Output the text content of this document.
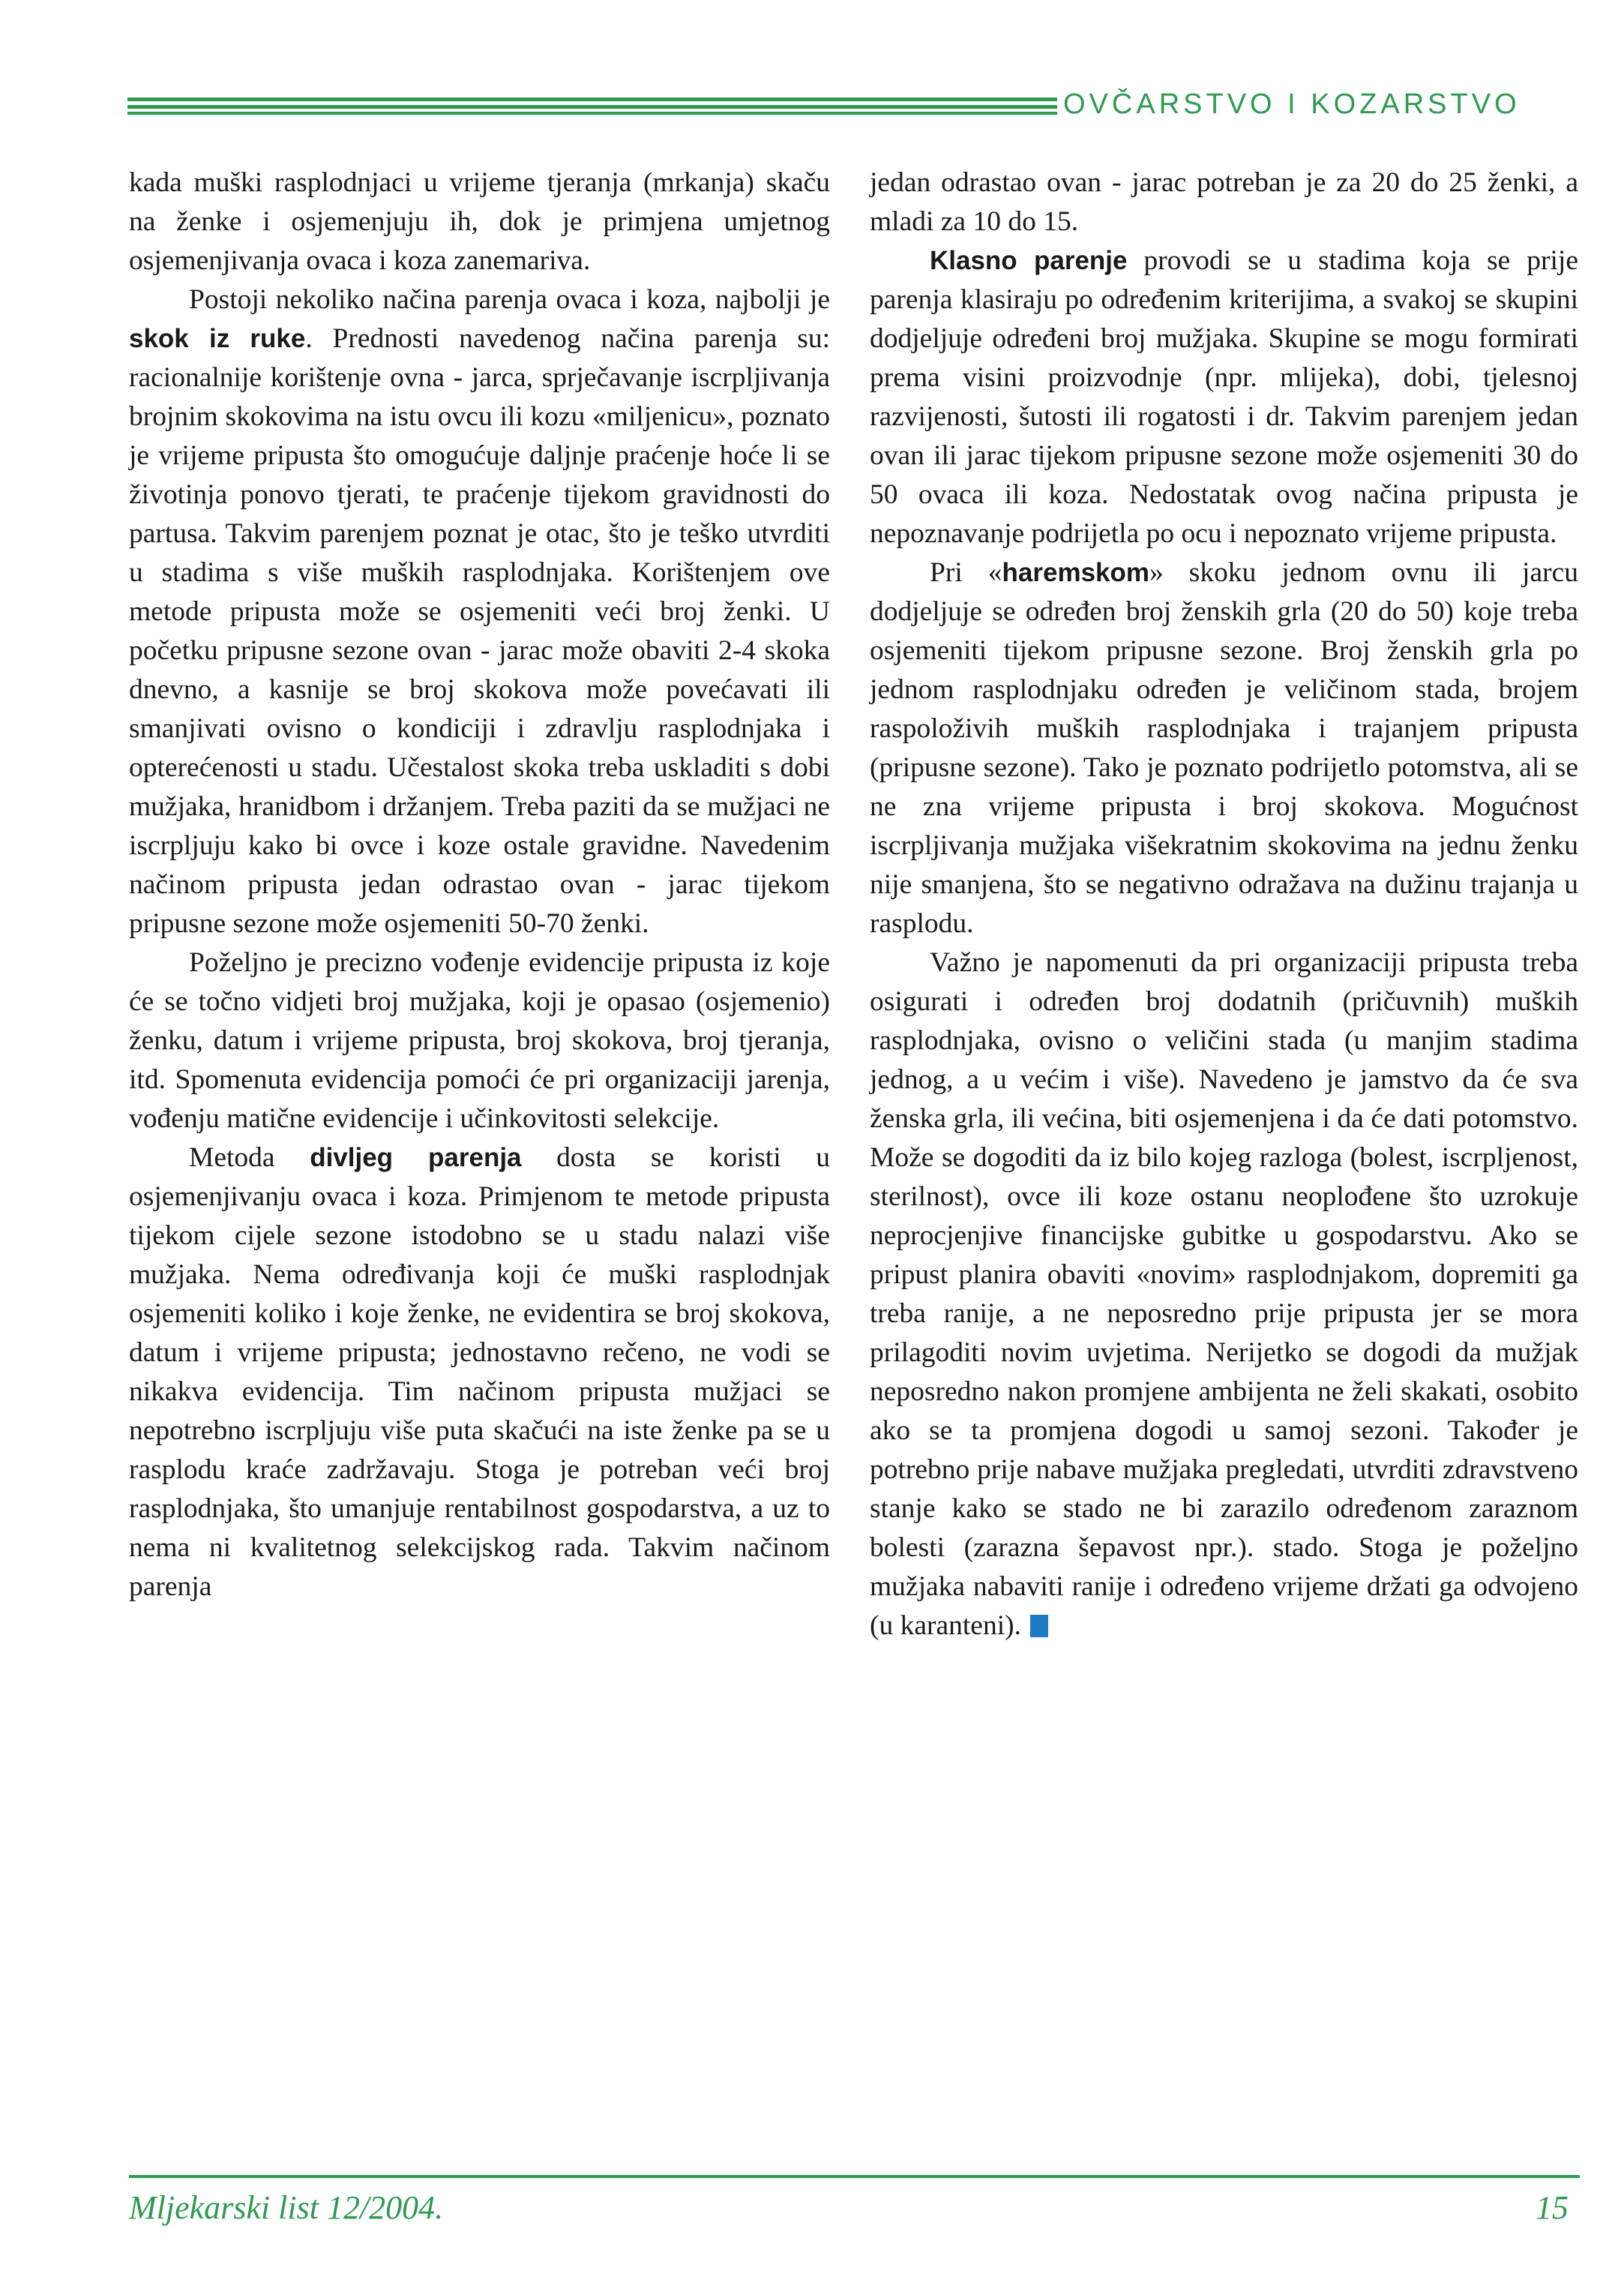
OVČARSTVO I KOZARSTVO

kada muški rasplodnjaci u vrijeme tjeranja (mrkanja) skaču na ženke i osjemenjuju ih, dok je primjena umjetnog osjemenjivanja ovaca i koza zanemariva.

Postoji nekoliko načina parenja ovaca i koza, najbolji je skok iz ruke. Prednosti navedenog načina parenja su: racionalnije korištenje ovna - jarca, sprječavanje iscrpljivanja brojnim skokovima na istu ovcu ili kozu «miljenicu», poznato je vrijeme pripusta što omogućuje daljnje praćenje hoće li se životinja ponovo tjerati, te praćenje tijekom gravidnosti do partusa. Takvim parenjem poznat je otac, što je teško utvrditi u stadima s više muških rasplodnjaka. Korištenjem ove metode pripusta može se osjemeniti veći broj ženki. U početku pripusne sezone ovan - jarac može obaviti 2-4 skoka dnevno, a kasnije se broj skokova može povećavati ili smanjivati ovisno o kondiciji i zdravlju rasplodnjaka i opterećenosti u stadu. Učestalost skoka treba uskladiti s dobi mužjaka, hranidbom i držanjem. Treba paziti da se mužjaci ne iscrpljuju kako bi ovce i koze ostale gravidne. Navedenim načinom pripusta jedan odrastao ovan - jarac tijekom pripusne sezone može osjemeniti 50-70 ženki.

Poželjno je precizno vođenje evidencije pripusta iz koje će se točno vidjeti broj mužjaka, koji je opasao (osjemenio) ženku, datum i vrijeme pripusta, broj skokova, broj tjeranja, itd. Spomenuta evidencija pomoći će pri organizaciji jarenja, vođenju matične evidencije i učinkovitosti selekcije.

Metoda divljeg parenja dosta se koristi u osjemenjivanju ovaca i koza. Primjenom te metode pripusta tijekom cijele sezone istodobno se u stadu nalazi više mužjaka. Nema određivanja koji će muški rasplodnjak osjemeniti koliko i koje ženke, ne evidentira se broj skokova, datum i vrijeme pripusta; jednostavno rečeno, ne vodi se nikakva evidencija. Tim načinom pripusta mužjaci se nepotrebno iscrpljuju više puta skačući na iste ženke pa se u rasplodu kraće zadržavaju. Stoga je potreban veći broj rasplodnjaka, što umanjuje rentabilnost gospodarstva, a uz to nema ni kvalitetnog selekcijskog rada. Takvim načinom parenja

jedan odrastao ovan - jarac potreban je za 20 do 25 ženki, a mladi za 10 do 15.

Klasno parenje provodi se u stadima koja se prije parenja klasiraju po određenim kriterijima, a svakoj se skupini dodjeljuje određeni broj mužjaka. Skupine se mogu formirati prema visini proizvodnje (npr. mlijeka), dobi, tjelesnoj razvijenosti, šutosti ili rogatosti i dr. Takvim parenjem jedan ovan ili jarac tijekom pripusne sezone može osjemeniti 30 do 50 ovaca ili koza. Nedostatak ovog načina pripusta je nepoznavanje podrijetla po ocu i nepoznato vrijeme pripusta.

Pri «haremskom» skoku jednom ovnu ili jarcu dodjeljuje se određen broj ženskih grla (20 do 50) koje treba osjemeniti tijekom pripusne sezone. Broj ženskih grla po jednom rasplodnjaku određen je veličinom stada, brojem raspoloživih muških rasplodnjaka i trajanjem pripusta (pripusne sezone). Tako je poznato podrijetlo potomstva, ali se ne zna vrijeme pripusta i broj skokova. Mogućnost iscrpljivanja mužjaka višekratnim skokovima na jednu ženku nije smanjena, što se negativno odražava na dužinu trajanja u rasplodu.

Važno je napomenuti da pri organizaciji pripusta treba osigurati i određen broj dodatnih (pričuvnih) muških rasplodnjaka, ovisno o veličini stada (u manjim stadima jednog, a u većim i više). Navedeno je jamstvo da će sva ženska grla, ili većina, biti osjemenjena i da će dati potomstvo. Može se dogoditi da iz bilo kojeg razloga (bolest, iscrpljenost, sterilnost), ovce ili koze ostanu neoplođene što uzrokuje neprocjenjive financijske gubitke u gospodarstvu. Ako se pripust planira obaviti «novim» rasplodnjakom, dopremiti ga treba ranije, a ne neposredno prije pripusta jer se mora prilagoditi novim uvjetima. Nerijetko se dogodi da mužjak neposredno nakon promjene ambijenta ne želi skakati, osobito ako se ta promjena dogodi u samoj sezoni. Također je potrebno prije nabave mužjaka pregledati, utvrditi zdravstveno stanje kako se stado ne bi zarazilo određenom zaraznom bolesti (zarazna šepavost npr.). stado. Stoga je poželjno mužjaka nabaviti ranije i određeno vrijeme držati ga odvojeno (u karanteni).

Mljekarski list 12/2004.	15
